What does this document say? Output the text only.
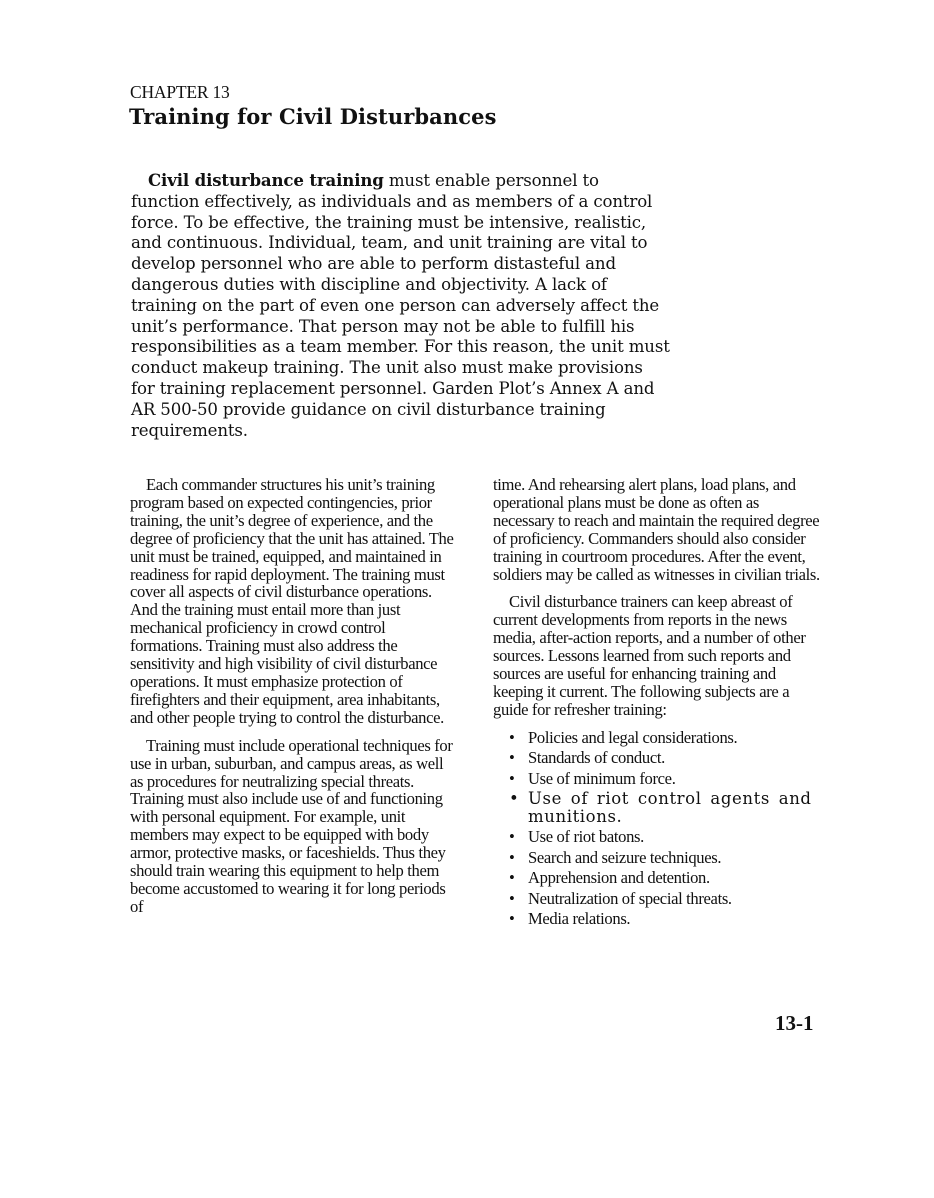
CHAPTER 13
Training for Civil Disturbances

Civil disturbance training must enable personnel to function effectively, as individuals and as members of a control force. To be effective, the training must be intensive, realistic, and continuous. Individual, team, and unit training are vital to develop personnel who are able to perform distasteful and dangerous duties with discipline and objectivity. A lack of training on the part of even one person can adversely affect the unit’s performance. That person may not be able to fulfill his responsibilities as a team member. For this reason, the unit must conduct makeup training. The unit also must make provisions for training replacement personnel. Garden Plot’s Annex A and AR 500-50 provide guidance on civil disturbance training requirements.

Each commander structures his unit’s training program based on expected contingencies, prior training, the unit’s degree of experience, and the degree of proficiency that the unit has attained. The unit must be trained, equipped, and maintained in readiness for rapid deployment. The training must cover all aspects of civil disturbance operations. And the training must entail more than just mechanical proficiency in crowd control formations. Training must also address the sensitivity and high visibility of civil disturbance operations. It must emphasize protection of firefighters and their equipment, area inhabitants, and other people trying to control the disturbance.

Training must include operational techniques for use in urban, suburban, and campus areas, as well as procedures for neutralizing special threats. Training must also include use of and functioning with personal equipment. For example, unit members may expect to be equipped with body armor, protective masks, or faceshields. Thus they should train wearing this equipment to help them become accustomed to wearing it for long periods of

time. And rehearsing alert plans, load plans, and operational plans must be done as often as necessary to reach and maintain the required degree of proficiency. Commanders should also consider training in courtroom procedures. After the event, soldiers may be called as witnesses in civilian trials.

Civil disturbance trainers can keep abreast of current developments from reports in the news media, after-action reports, and a number of other sources. Lessons learned from such reports and sources are useful for enhancing training and keeping it current. The following subjects are a guide for refresher training:

• Policies and legal considerations.
• Standards of conduct.
• Use of minimum force.
• Use of riot control agents and munitions.
• Use of riot batons.
• Search and seizure techniques.
• Apprehension and detention.
• Neutralization of special threats.
• Media relations.

13-1
